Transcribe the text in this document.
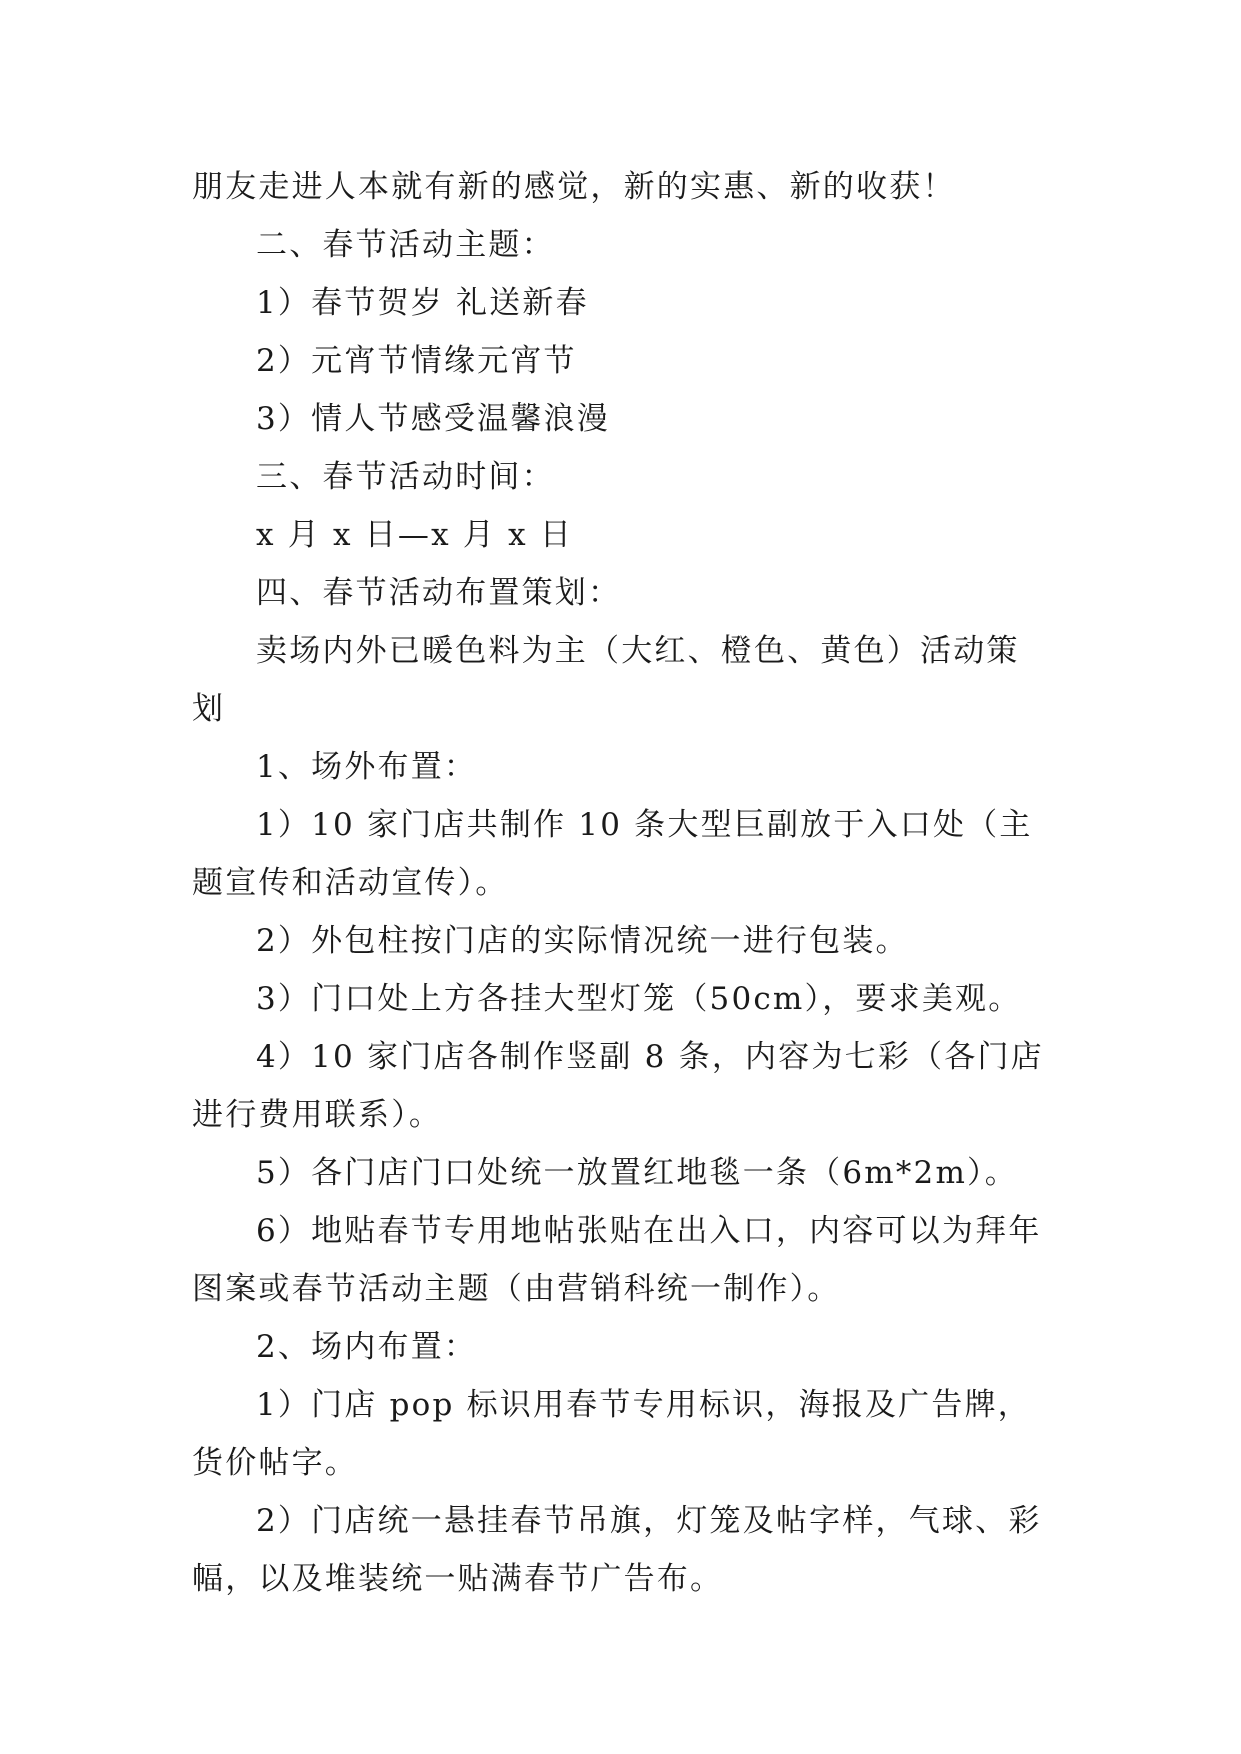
朋友走进人本就有新的感觉，新的实惠、新的收获！

二、春节活动主题：

1）春节贺岁 礼送新春

2）元宵节情缘元宵节

3）情人节感受温馨浪漫

三、春节活动时间：

x 月 x 日—x 月 x 日

四、春节活动布置策划：

卖场内外已暖色料为主（大红、橙色、黄色）活动策划

1、场外布置：

1）10 家门店共制作 10 条大型巨副放于入口处（主题宣传和活动宣传）。

2）外包柱按门店的实际情况统一进行包装。

3）门口处上方各挂大型灯笼（50cm），要求美观。

4）10 家门店各制作竖副 8 条，内容为七彩（各门店进行费用联系）。

5）各门店门口处统一放置红地毯一条（6m*2m）。

6）地贴春节专用地帖张贴在出入口，内容可以为拜年图案或春节活动主题（由营销科统一制作）。

2、场内布置：

1）门店 pop 标识用春节专用标识，海报及广告牌，货价帖字。

2）门店统一悬挂春节吊旗，灯笼及帖字样，气球、彩幅，以及堆装统一贴满春节广告布。
